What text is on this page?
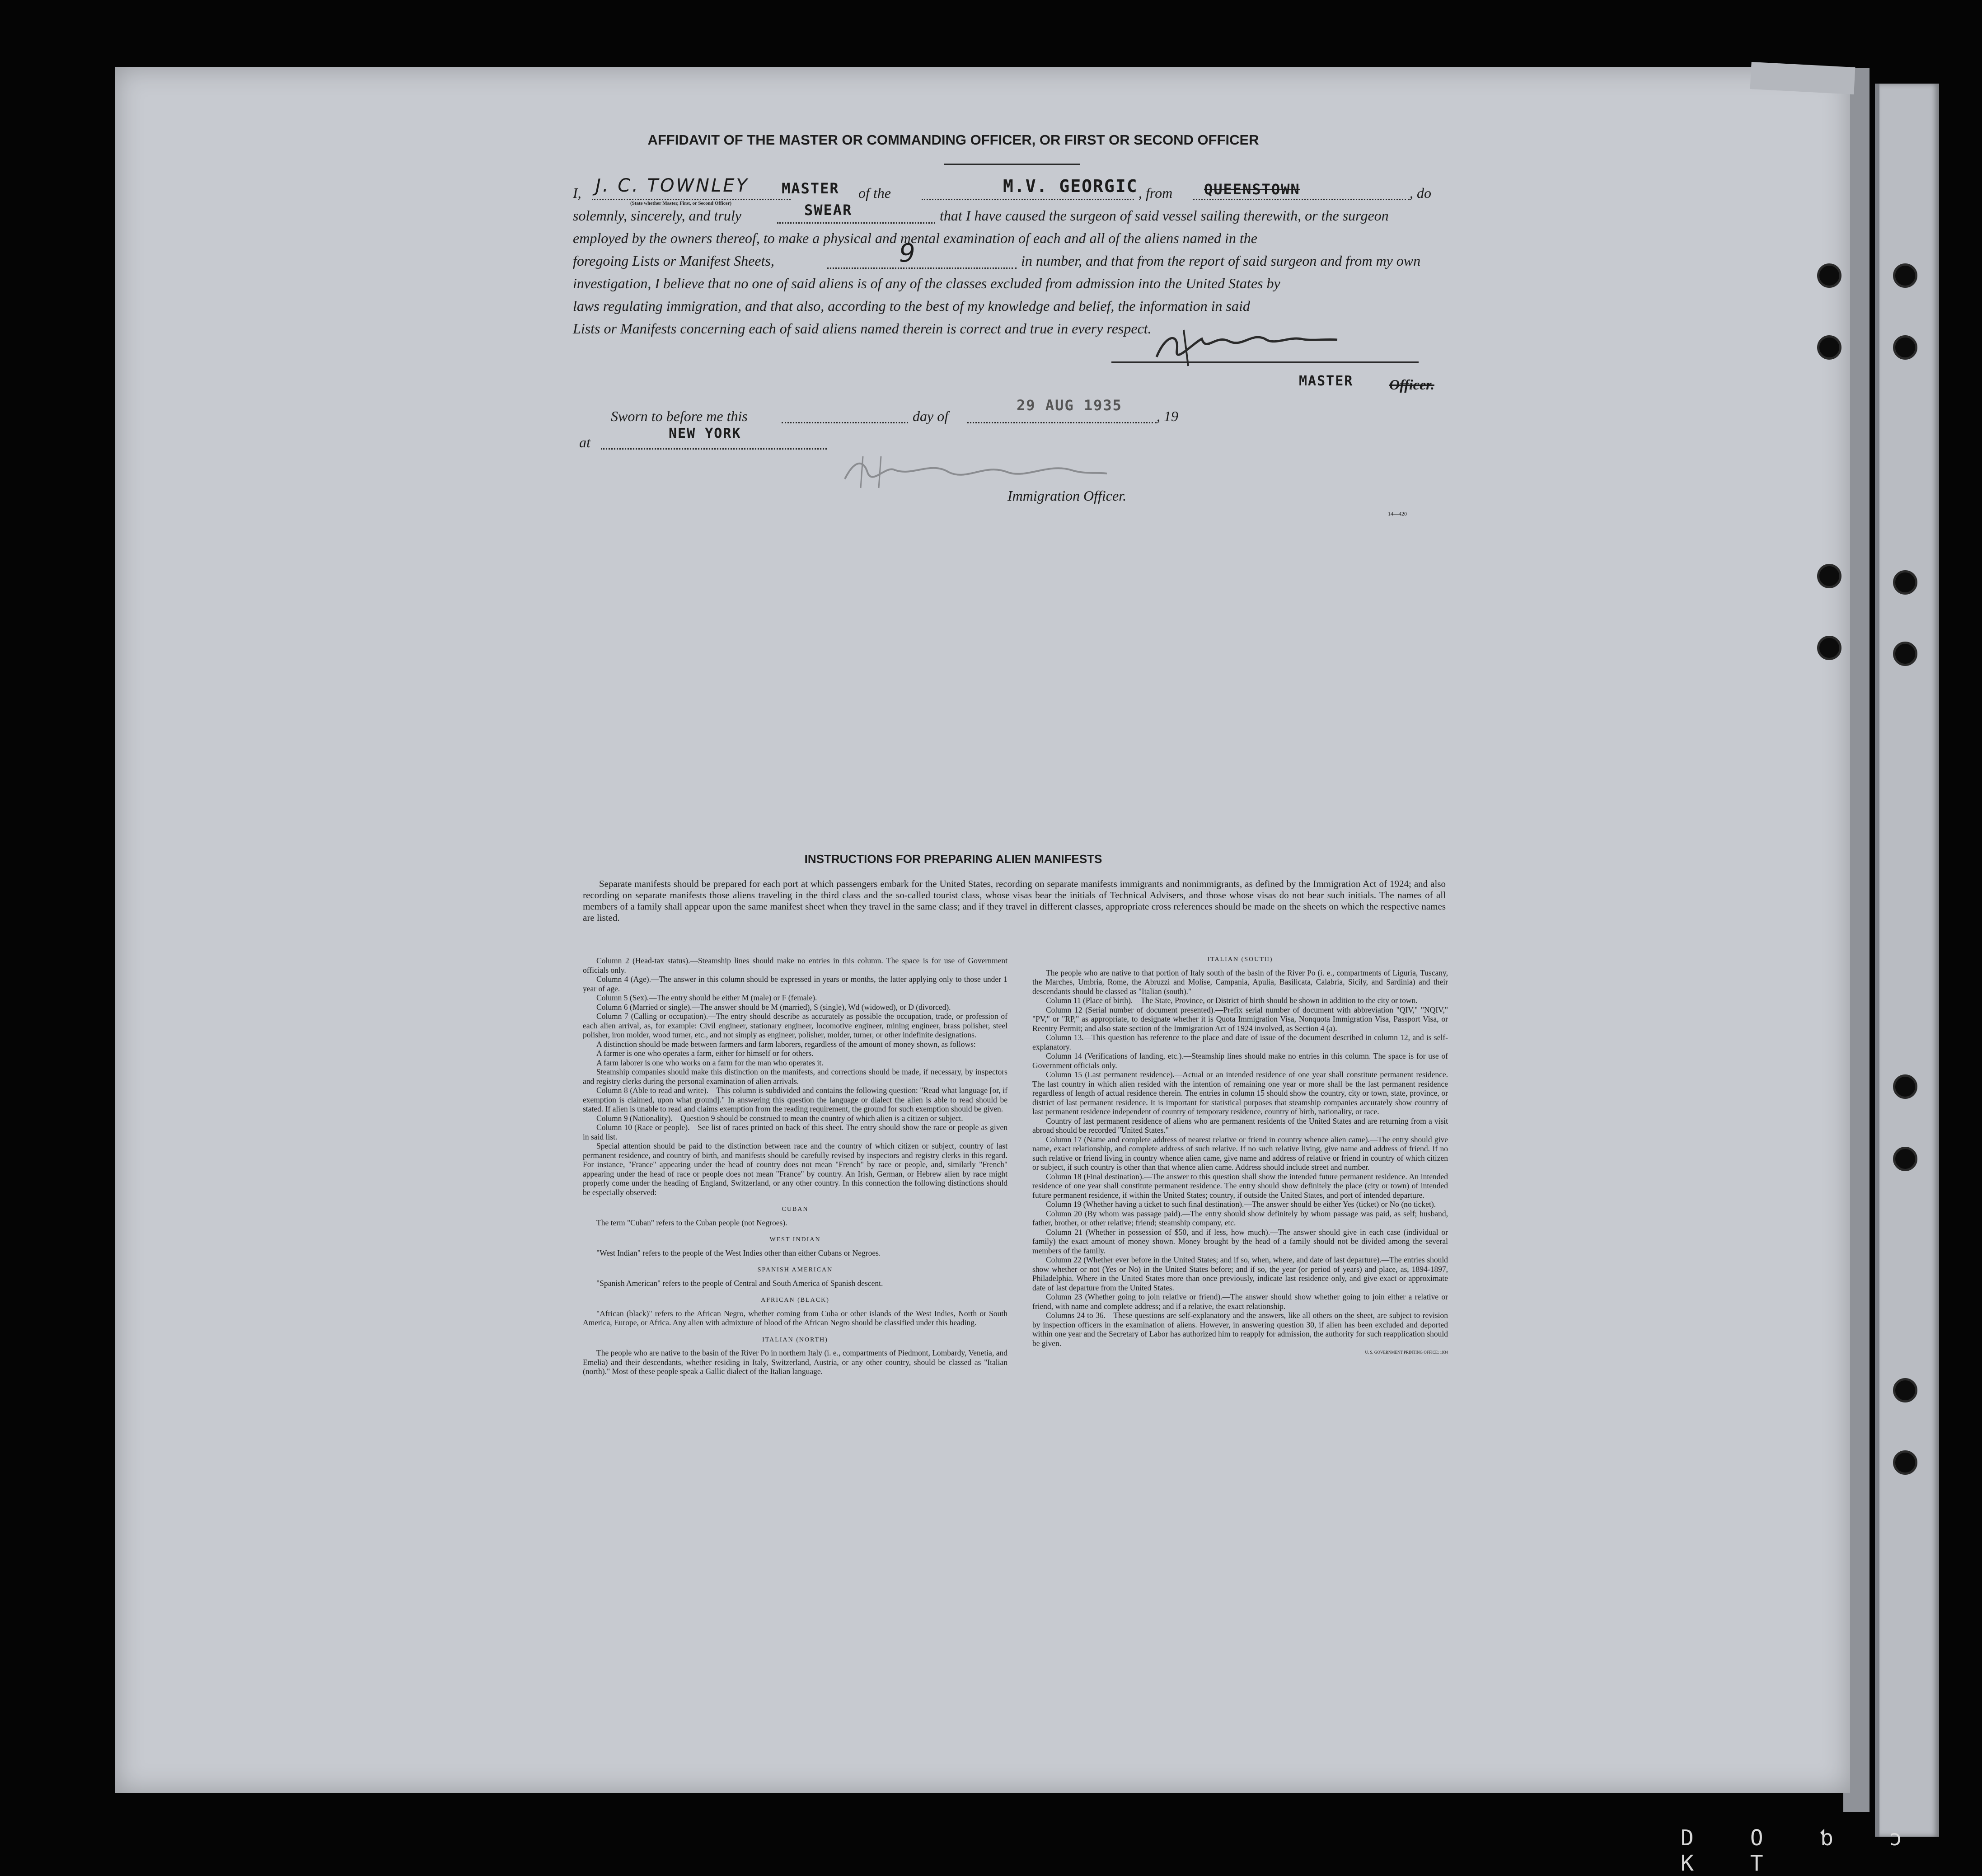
AFFIDAVIT OF THE MASTER OR COMMANDING OFFICER, OR FIRST OR SECOND OFFICER
I, J. C. TOWNLEY MASTER
(State whether Master, First, or Second Officer)
of the	M.V. GEORGIC , from QUEENSTOWN	, do
solemnly, sincerely, and truly	SWEAR	that I have caused the surgeon of said vessel sailing therewith, or the surgeon
employed by the owners thereof, to make a physical and mental examination of each and all of the aliens named in the
foregoing Lists or Manifest Sheets,	9	in number, and that from the report of said surgeon and from my own
investigation, I believe that no one of said aliens is of any of the classes excluded from admission into the United States by
laws regulating immigration, and that also, according to the best of my knowledge and belief, the information in said
Lists or Manifests concerning each of said aliens named therein is correct and true in every respect.
MASTER Officer.
Sworn to before me this	day of
29 AUG 1935
, 19
at
NEW YORK
Immigration Officer.
14—420
INSTRUCTIONS FOR PREPARING ALIEN MANIFESTS
Separate manifests should be prepared for each port at which passengers embark for the United States, recording on separate manifests immigrants and nonimmigrants, as defined by the Immigration Act of 1924; and also recording on separate manifests those aliens traveling in the third class and the so-called tourist class, whose visas bear the initials of Technical Advisers, and those whose visas do not bear such initials. The names of all members of a family shall appear upon the same manifest sheet when they travel in the same class; and if they travel in different classes, appropriate cross references should be made on the sheets on which the respective names are listed.

Column 2 (Head-tax status).—Steamship lines should make no entries in this column. The space is for use of Government officials only.

Column 4 (Age).—The answer in this column should be expressed in years or months, the latter applying only to those under 1 year of age.

Column 5 (Sex).—The entry should be either M (male) or F (female).

Column 6 (Married or single).—The answer should be M (married), S (single), Wd (widowed), or D (divorced).

Column 7 (Calling or occupation).—The entry should describe as accurately as possible the occupation, trade, or profession of each alien arrival, as, for example: Civil engineer, stationary engineer, locomotive engineer, mining engineer, brass polisher, steel polisher, iron molder, wood turner, etc., and not simply as engineer, polisher, molder, turner, or other indefinite designations.

A distinction should be made between farmers and farm laborers, regardless of the amount of money shown, as follows:

A farmer is one who operates a farm, either for himself or for others.

A farm laborer is one who works on a farm for the man who operates it.

Steamship companies should make this distinction on the manifests, and corrections should be made, if necessary, by inspectors and registry clerks during the personal examination of alien arrivals.

Column 8 (Able to read and write).—This column is subdivided and contains the following question: "Read what language [or, if exemption is claimed, upon what ground]." In answering this question the language or dialect the alien is able to read should be stated. If alien is unable to read and claims exemption from the reading requirement, the ground for such exemption should be given.

Column 9 (Nationality).—Question 9 should be construed to mean the country of which alien is a citizen or subject.

Column 10 (Race or people).—See list of races printed on back of this sheet. The entry should show the race or people as given in said list.

Special attention should be paid to the distinction between race and the country of which citizen or subject, country of last permanent residence, and country of birth, and manifests should be carefully revised by inspectors and registry clerks in this regard. For instance, "France" appearing under the head of country does not mean "French" by race or people, and, similarly "French" appearing under the head of race or people does not mean "France" by country. An Irish, German, or Hebrew alien by race might properly come under the heading of England, Switzerland, or any other country. In this connection the following distinctions should be especially observed:

CUBAN

The term "Cuban" refers to the Cuban people (not Negroes).

WEST INDIAN

"West Indian" refers to the people of the West Indies other than either Cubans or Negroes.

SPANISH AMERICAN

"Spanish American" refers to the people of Central and South America of Spanish descent.

AFRICAN (BLACK)

"African (black)" refers to the African Negro, whether coming from Cuba or other islands of the West Indies, North or South America, Europe, or Africa. Any alien with admixture of blood of the African Negro should be classified under this heading.

ITALIAN (NORTH)

The people who are native to the basin of the River Po in northern Italy (i. e., compartments of Piedmont, Lombardy, Venetia, and Emelia) and their descendants, whether residing in Italy, Switzerland, Austria, or any other country, should be classed as "Italian (north)." Most of these people speak a Gallic dialect of the Italian language.

ITALIAN (SOUTH)

The people who are native to that portion of Italy south of the basin of the River Po (i. e., compartments of Liguria, Tuscany, the Marches, Umbria, Rome, the Abruzzi and Molise, Campania, Apulia, Basilicata, Calabria, Sicily, and Sardinia) and their descendants should be classed as "Italian (south)."

Column 11 (Place of birth).—The State, Province, or District of birth should be shown in addition to the city or town.

Column 12 (Serial number of document presented).—Prefix serial number of document with abbreviation "QIV," "NQIV," "PV," or "RP," as appropriate, to designate whether it is Quota Immigration Visa, Nonquota Immigration Visa, Passport Visa, or Reentry Permit; and also state section of the Immigration Act of 1924 involved, as Section 4 (a).

Column 13.—This question has reference to the place and date of issue of the document described in column 12, and is self-explanatory.

Column 14 (Verifications of landing, etc.).—Steamship lines should make no entries in this column. The space is for use of Government officials only.

Column 15 (Last permanent residence).—Actual or an intended residence of one year shall constitute permanent residence. The last country in which alien resided with the intention of remaining one year or more shall be the last permanent residence regardless of length of actual residence therein. The entries in column 15 should show the country, city or town, state, province, or district of last permanent residence. It is important for statistical purposes that steamship companies accurately show country of last permanent residence independent of country of temporary residence, country of birth, nationality, or race.

Country of last permanent residence of aliens who are permanent residents of the United States and are returning from a visit abroad should be recorded "United States."

Column 17 (Name and complete address of nearest relative or friend in country whence alien came).—The entry should give name, exact relationship, and complete address of such relative. If no such relative living, give name and address of friend. If no such relative or friend living in country whence alien came, give name and address of relative or friend in country of which citizen or subject, if such country is other than that whence alien came. Address should include street and number.

Column 18 (Final destination).—The answer to this question shall show the intended future permanent residence. An intended residence of one year shall constitute permanent residence. The entry should show definitely the place (city or town) of intended future permanent residence, if within the United States; country, if outside the United States, and port of intended departure.

Column 19 (Whether having a ticket to such final destination).—The answer should be either Yes (ticket) or No (no ticket).

Column 20 (By whom was passage paid).—The entry should show definitely by whom passage was paid, as self; husband, father, brother, or other relative; friend; steamship company, etc.

Column 21 (Whether in possession of $50, and if less, how much).—The answer should give in each case (individual or family) the exact amount of money shown. Money brought by the head of a family should not be divided among the several members of the family.

Column 22 (Whether ever before in the United States; and if so, when, where, and date of last departure).—The entries should show whether or not (Yes or No) in the United States before; and if so, the year (or period of years) and place, as, 1894-1897, Philadelphia. Where in the United States more than once previously, indicate last residence only, and give exact or approximate date of last departure from the United States.

Column 23 (Whether going to join relative or friend).—The answer should show whether going to join either a relative or friend, with name and complete address; and if a relative, the exact relationship.

Columns 24 to 36.—These questions are self-explanatory and the answers, like all others on the sheet, are subject to revision by inspection officers in the examination of aliens. However, in answering question 30, if alien has been excluded and deported within one year and the Secretary of Labor has authorized him to reapply for admission, the authority for such reapplication should be given.

U. S. GOVERNMENT PRINTING OFFICE: 1934

D O ƅ ɔ K T
